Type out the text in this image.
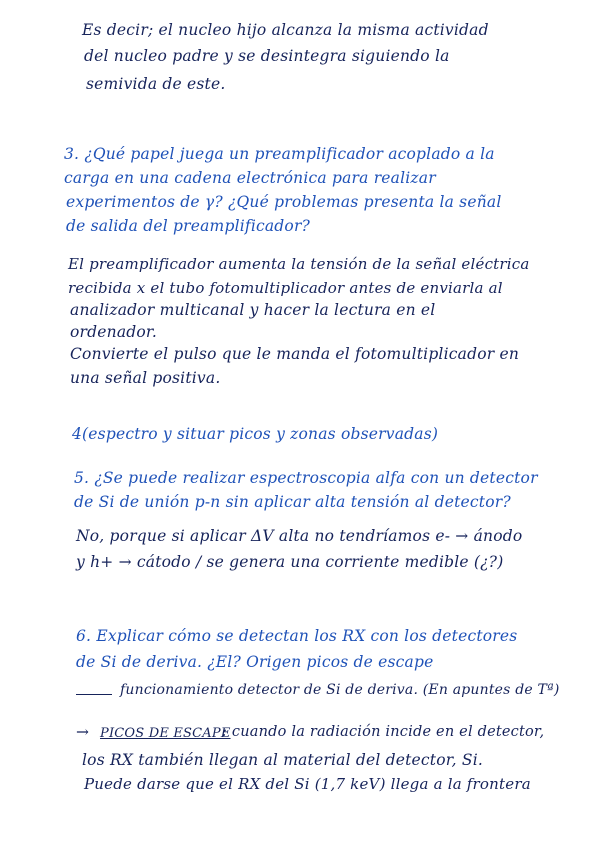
Es decir; el nucleo hijo alcanza la misma actividad
del nucleo padre y se desintegra siguiendo la
semivida de este.
3. ¿Qué papel juega un preamplificador acoplado a la
carga en una cadena electrónica para realizar
experimentos de γ? ¿Qué problemas presenta la señal
de salida del preamplificador?
El preamplificador aumenta la tensión de la señal eléctrica
recibida x el tubo fotomultiplicador antes de enviarla al
analizador multicanal y hacer la lectura en el
ordenador.
Convierte el pulso que le manda el fotomultiplicador en
una señal positiva.
4(espectro y situar picos y zonas observadas)
5. ¿Se puede realizar espectroscopia alfa con un detector
de Si de unión p-n sin aplicar alta tensión al detector?
No, porque si aplicar ΔV alta no tendríamos e- → ánodo
y h+ → cátodo / se genera una corriente medible (¿?)
6. Explicar cómo se detectan los RX con los detectores
de Si de deriva. ¿El? Origen picos de escape
funcionamiento detector de Si de deriva. (En apuntes de Tª)
→ PICOS DE ESCAPE
: cuando la radiación incide en el detector,
los RX también llegan al material del detector, Si.
Puede darse que el RX del Si (1,7 keV) llega a la frontera
